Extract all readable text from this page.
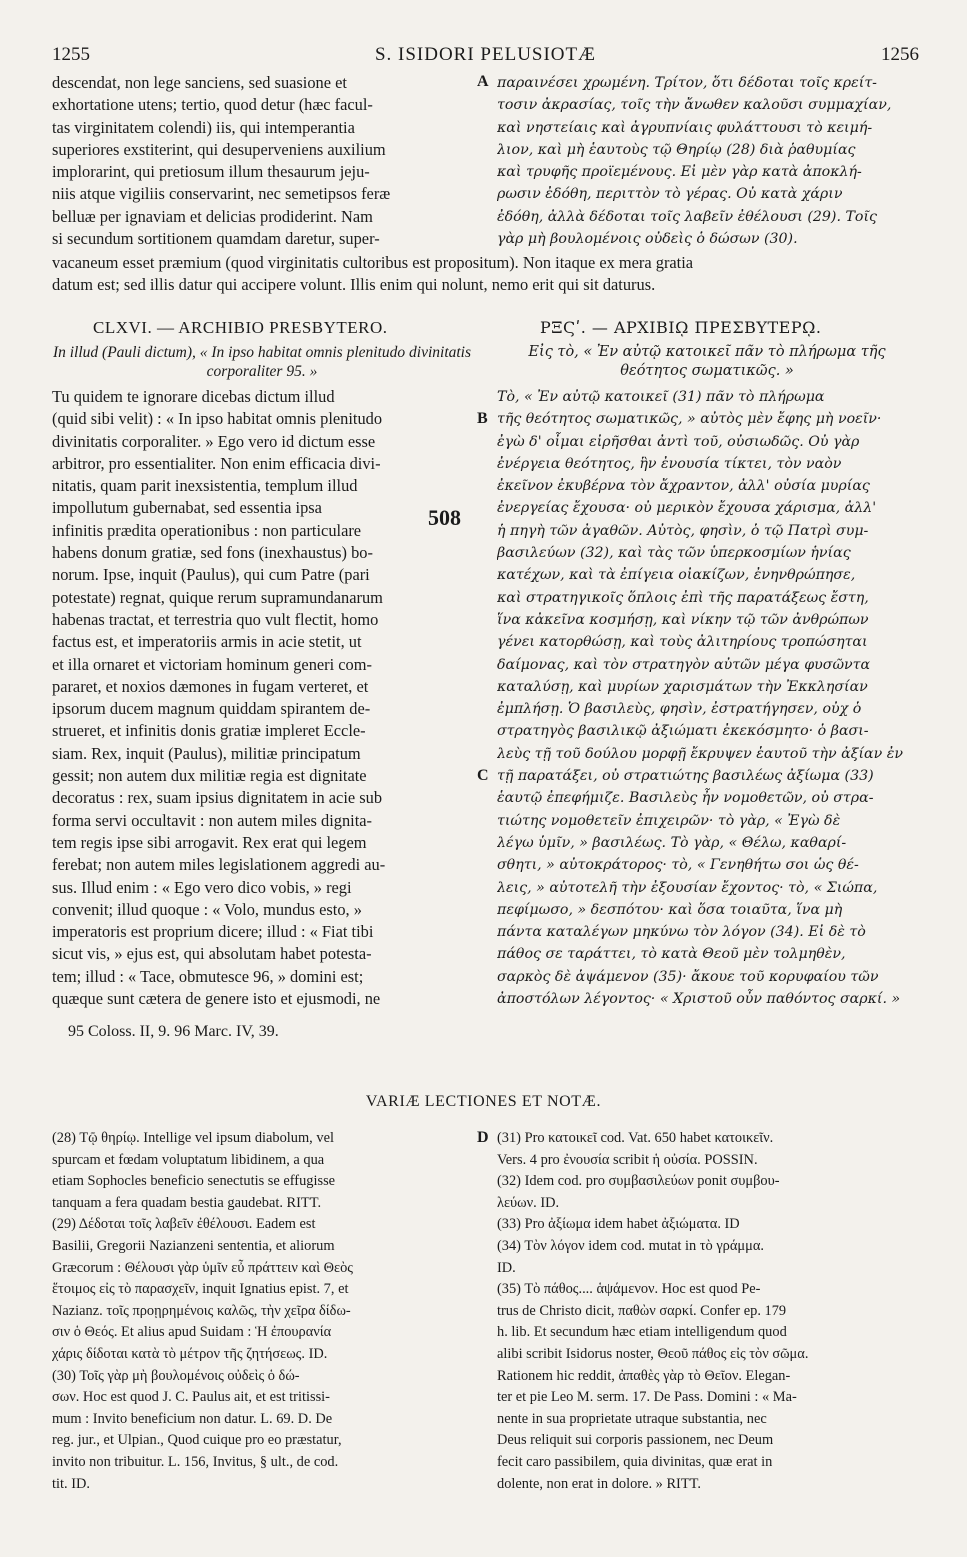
1255	S. ISIDORI PELUSIOTÆ	1256
descendat, non lege sanciens, sed suasione et
exhortatione utens; tertio, quod detur (hæc facul-
tas virginitatem colendi) iis, qui intemperantia
superiores exstiterint, qui desuperveniens auxilium
implorarint, qui pretiosum illum thesaurum jeju-
niis atque vigiliis conservarint, nec semetipsos feræ
belluæ per ignaviam et delicias prodiderint. Nam
si secundum sortitionem quamdam daretur, super-
A παραινέσει χρωμένη. Τρίτον, ὅτι δέδοται τοῖς κρείτ-
τοσιν ἀκρασίας, τοῖς τὴν ἄνωθεν καλοῦσι συμμαχίαν,
καὶ νηστείαις καὶ ἀγρυπνίαις φυλάττουσι τὸ κειμή-
λιον, καὶ μὴ ἑαυτοὺς τῷ Θηρίῳ (28) διὰ ῥαθυμίας
καὶ τρυφῆς προϊεμένους. Εἰ μὲν γὰρ κατὰ ἀποκλή-
ρωσιν ἐδόθη, περιττὸν τὸ γέρας. Οὐ κατὰ χάριν
ἐδόθη, ἀλλὰ δέδοται τοῖς λαβεῖν ἐθέλουσι (29). Τοῖς
γὰρ μὴ βουλομένοις οὐδεὶς ὁ δώσων (30).
vacaneum esset præmium (quod virginitatis cultoribus est propositum). Non itaque ex mera gratia
datum est; sed illis datur qui accipere volunt. Illis enim qui nolunt, nemo erit qui sit daturus.
CLXVI. — ARCHIBIO PRESBYTERO.	ΡΞϚʹ. — ΑΡΧΙΒΙῼ ΠΡΕΣΒΥΤΕΡῼ.
In illud (Pauli dictum), « In ipso habitat omnis plenitudo divinitatis corporaliter 95. »
Εἰς τὸ, « Ἐν αὐτῷ κατοικεῖ πᾶν τὸ πλήρωμα τῆς θεότητος σωματικῶς. »
Tu quidem te ignorare dicebas dictum illud
(quid sibi velit) : « In ipso habitat omnis plenitudo
divinitatis corporaliter. » Ego vero id dictum esse
arbitror, pro essentialiter. Non enim efficacia divi-
nitatis, quam parit inexsistentia, templum illud
impollutum gubernabat, sed essentia ipsa
infinitis prædita operationibus : non particulare
habens donum gratiæ, sed fons (inexhaustus) bo-
norum. Ipse, inquit (Paulus), qui cum Patre (pari
potestate) regnat, quique rerum supramundanarum
habenas tractat, et terrestria quo vult flectit, homo
factus est, et imperatoriis armis in acie stetit, ut
et illa ornaret et victoriam hominum generi com-
pararet, et noxios dæmones in fugam verteret, et
ipsorum ducem magnum quiddam spirantem de-
strueret, et infinitis donis gratiæ impleret Eccle-
siam. Rex, inquit (Paulus), militiæ principatum
gessit; non autem dux militiæ regia est dignitate
decoratus : rex, suam ipsius dignitatem in acie sub
forma servi occultavit : non autem miles dignita-
tem regis ipse sibi arrogavit. Rex erat qui legem
ferebat; non autem miles legislationem aggredi au-
sus. Illud enim : « Ego vero dico vobis, » regi
convenit; illud quoque : « Volo, mundus esto, »
imperatoris est proprium dicere; illud : « Fiat tibi
sicut vis, » ejus est, qui absolutam habet potesta-
tem; illud : « Tace, obmutesce 96, » domini est;
quæque sunt cætera de genere isto et ejusmodi, ne
Τὸ, « Ἐν αὐτῷ κατοικεῖ (31) πᾶν τὸ πλήρωμα
τῆς θεότητος σωματικῶς, » αὐτὸς μὲν ἔφης μὴ νοεῖν·
ἐγὼ δ' οἶμαι εἰρῆσθαι ἀντὶ τοῦ, οὐσιωδῶς. Οὐ γὰρ
ἐνέργεια θεότητος, ἣν ἐνουσία τίκτει, τὸν ναὸν
ἐκεῖνον ἐκυβέρνα τὸν ἄχραντον, ἀλλ' οὐσία μυρίας
ἐνεργείας ἔχουσα· οὐ μερικὸν ἔχουσα χάρισμα, ἀλλ'
ἡ πηγὴ τῶν ἀγαθῶν. Αὐτὸς, φησὶν, ὁ τῷ Πατρὶ συμ-
βασιλεύων (32), καὶ τὰς τῶν ὑπερκοσμίων ἡνίας
κατέχων, καὶ τὰ ἐπίγεια οἰακίζων, ἐνηνθρώπησε,
καὶ στρατηγικοῖς ὅπλοις ἐπὶ τῆς παρατάξεως ἔστη,
ἵνα κἀκεῖνα κοσμήσῃ, καὶ νίκην τῷ τῶν ἀνθρώπων
γένει κατορθώσῃ, καὶ τοὺς ἀλιτηρίους τροπώσηται
δαίμονας, καὶ τὸν στρατηγὸν αὐτῶν μέγα φυσῶντα
καταλύσῃ, καὶ μυρίων χαρισμάτων τὴν Ἐκκλησίαν
ἐμπλήσῃ. Ὁ βασιλεὺς, φησὶν, ἐστρατήγησεν, οὐχ ὁ
στρατηγὸς βασιλικῷ ἀξιώματι ἐκεκόσμητο· ὁ βασι-
λεὺς τῇ τοῦ δούλου μορφῇ ἔκρυψεν ἑαυτοῦ τὴν ἀξίαν ἐν
τῇ παρατάξει, οὐ στρατιώτης βασιλέως ἀξίωμα (33)
ἑαυτῷ ἐπεφήμιζε. Βασιλεὺς ἦν νομοθετῶν, οὐ στρα-
τιώτης νομοθετεῖν ἐπιχειρῶν· τὸ γὰρ, « Ἐγὼ δὲ
λέγω ὑμῖν, » βασιλέως. Τὸ γὰρ, « Θέλω, καθαρί-
σθητι, » αὐτοκράτορος· τὸ, « Γενηθήτω σοι ὡς θέ-
λεις, » αὐτοτελῆ τὴν ἐξουσίαν ἔχοντος· τὸ, « Σιώπα,
πεφίμωσο, » δεσπότου· καὶ ὅσα τοιαῦτα, ἵνα μὴ
πάντα καταλέγων μηκύνω τὸν λόγον (34). Εἰ δὲ τὸ
πάθος σε ταράττει, τὸ κατὰ Θεοῦ μὲν τολμηθὲν,
σαρκὸς δὲ ἁψάμενον (35)· ἄκουε τοῦ κορυφαίου τῶν
ἀποστόλων λέγοντος· « Χριστοῦ οὖν παθόντος σαρκί. »
B
C
508
95 Coloss. II, 9. 96 Marc. IV, 39.
VARIÆ LECTIONES ET NOTÆ.
(28) Τῷ θηρίῳ. Intellige vel ipsum diabolum, vel
spurcam et fœdam voluptatum libidinem, a qua
etiam Sophocles beneficio senectutis se effugisse
tanquam a fera quadam bestia gaudebat. RITT.
(29) Δέδοται τοῖς λαβεῖν ἐθέλουσι. Eadem est
Basilii, Gregorii Nazianzeni sententia, et aliorum
Græcorum : Θέλουσι γὰρ ὑμῖν εὖ πράττειν καὶ Θεὸς
ἕτοιμος εἰς τὸ παρασχεῖν, inquit Ignatius epist. 7, et
Nazianz. τοῖς προῃρημένοις καλῶς, τὴν χεῖρα δίδω-
σιν ὁ Θεός. Et alius apud Suidam : Ἡ ἐπουρανία
χάρις δίδοται κατὰ τὸ μέτρον τῆς ζητήσεως. ID.
(30) Τοῖς γὰρ μὴ βουλομένοις οὐδεὶς ὁ δώ-
σων. Hoc est quod J. C. Paulus ait, et est tritissi-
mum : Invito beneficium non datur. L. 69. D. De
reg. jur., et Ulpian., Quod cuique pro eo præstatur,
invito non tribuitur. L. 156, Invitus, § ult., de cod.
tit. ID.
D (31) Pro κατοικεῖ cod. Vat. 650 habet κατοικεῖν.
Vers. 4 pro ἐνουσία scribit ἡ οὐσία. POSSIN.
(32) Idem cod. pro συμβασιλεύων ponit συμβου-
λεύων. ID.
(33) Pro ἀξίωμα idem habet ἀξιώματα. ID
(34) Τὸν λόγον idem cod. mutat in τὸ γράμμα.
ID.
(35) Τὸ πάθος.... ἁψάμενον. Hoc est quod Pe-
trus de Christo dicit, παθὼν σαρκί. Confer ep. 179
h. lib. Et secundum hæc etiam intelligendum quod
alibi scribit Isidorus noster, Θεοῦ πάθος εἰς τὸν σῶμα.
Rationem hic reddit, ἀπαθὲς γὰρ τὸ Θεῖον. Elegan-
ter et pie Leo M. serm. 17. De Pass. Domini : « Ma-
nente in sua proprietate utraque substantia, nec
Deus reliquit sui corporis passionem, nec Deum
fecit caro passibilem, quia divinitas, quæ erat in
dolente, non erat in dolore. » RITT.
